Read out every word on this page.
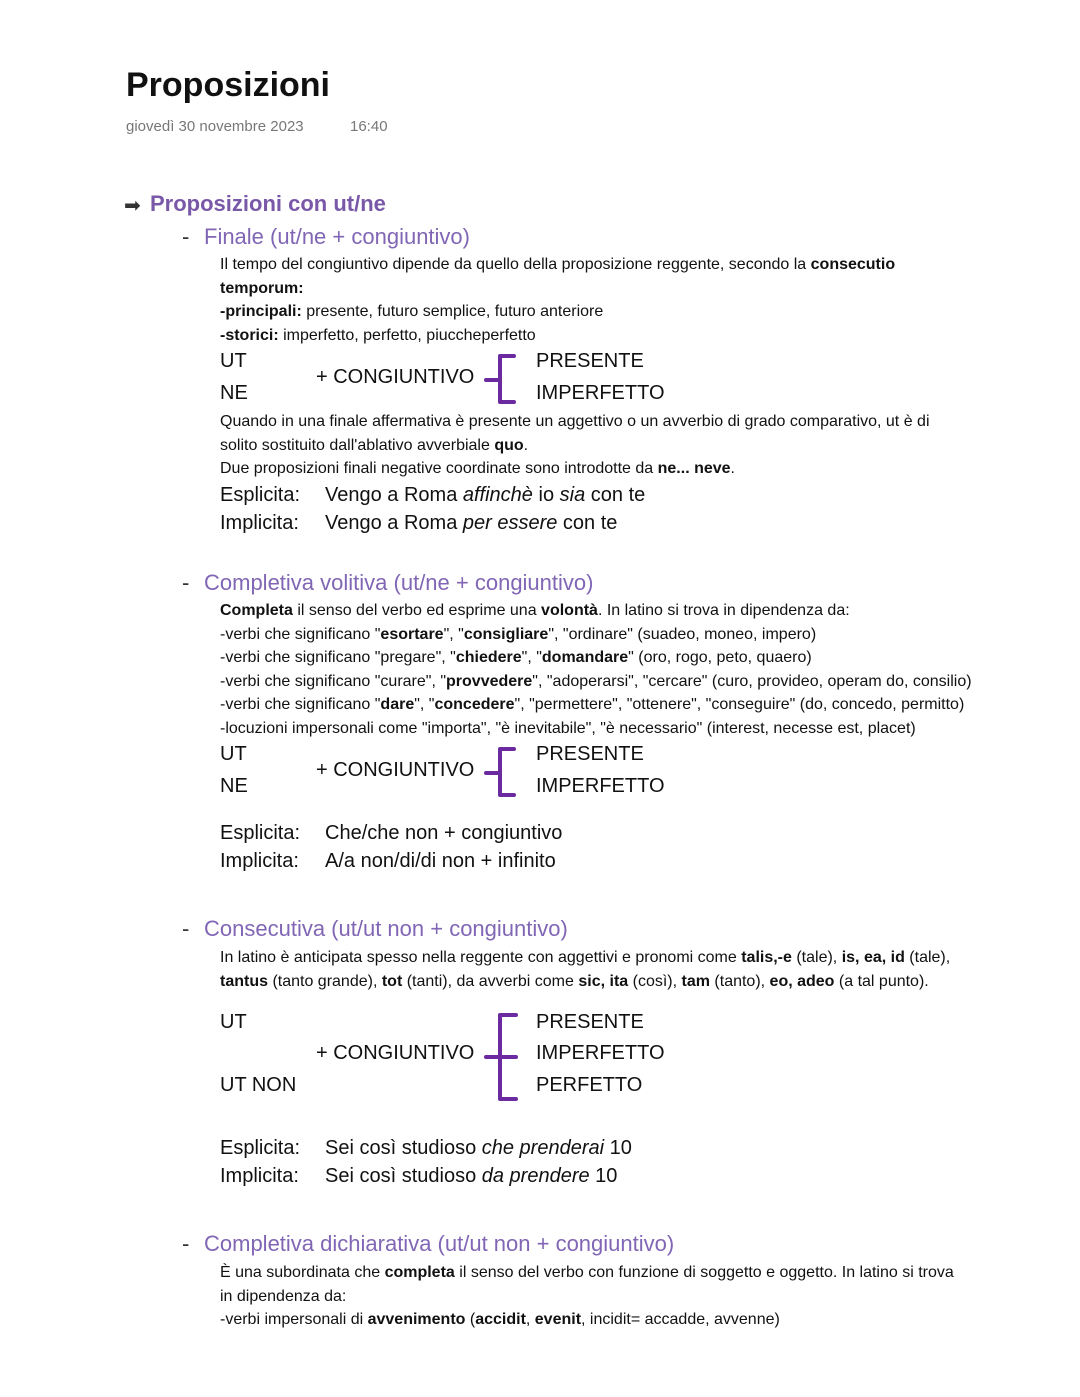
Proposizioni
giovedì 30 novembre 2023	16:40
➡ Proposizioni con ut/ne
- Finale (ut/ne + congiuntivo)
Il tempo del congiuntivo dipende da quello della proposizione reggente, secondo la consecutio
temporum:
-principali: presente, futuro semplice, futuro anteriore
-storici: imperfetto, perfetto, piuccheperfetto
UT
NE
+ CONGIUNTIVO
PRESENTE
IMPERFETTO
Quando in una finale affermativa è presente un aggettivo o un avverbio di grado comparativo, ut è di
solito sostituito dall'ablativo avverbiale quo.
Due proposizioni finali negative coordinate sono introdotte da ne... neve.
Esplicita: Vengo a Roma affinchè io sia con te
Implicita: Vengo a Roma per essere con te
- Completiva volitiva (ut/ne + congiuntivo)
Completa il senso del verbo ed esprime una volontà. In latino si trova in dipendenza da:
-verbi che significano "esortare", "consigliare", "ordinare" (suadeo, moneo, impero)
-verbi che significano "pregare", "chiedere", "domandare" (oro, rogo, peto, quaero)
-verbi che significano "curare", "provvedere", "adoperarsi", "cercare" (curo, provideo, operam do, consilio)
-verbi che significano "dare", "concedere", "permettere", "ottenere", "conseguire" (do, concedo, permitto)
-locuzioni impersonali come "importa", "è inevitabile", "è necessario" (interest, necesse est, placet)
UT
NE
+ CONGIUNTIVO
PRESENTE
IMPERFETTO
Esplicita: Che/che non + congiuntivo
Implicita: A/a non/di/di non + infinito
- Consecutiva (ut/ut non + congiuntivo)
In latino è anticipata spesso nella reggente con aggettivi e pronomi come talis,-e (tale), is, ea, id (tale),
tantus (tanto grande), tot (tanti), da avverbi come sic, ita (così), tam (tanto), eo, adeo (a tal punto).
UT
UT NON
+ CONGIUNTIVO
PRESENTE
IMPERFETTO
PERFETTO
Esplicita: Sei così studioso che prenderai 10
Implicita: Sei così studioso da prendere 10
- Completiva dichiarativa (ut/ut non + congiuntivo)
È una subordinata che completa il senso del verbo con funzione di soggetto e oggetto. In latino si trova
in dipendenza da:
-verbi impersonali di avvenimento (accidit, evenit, incidit= accadde, avvenne)
